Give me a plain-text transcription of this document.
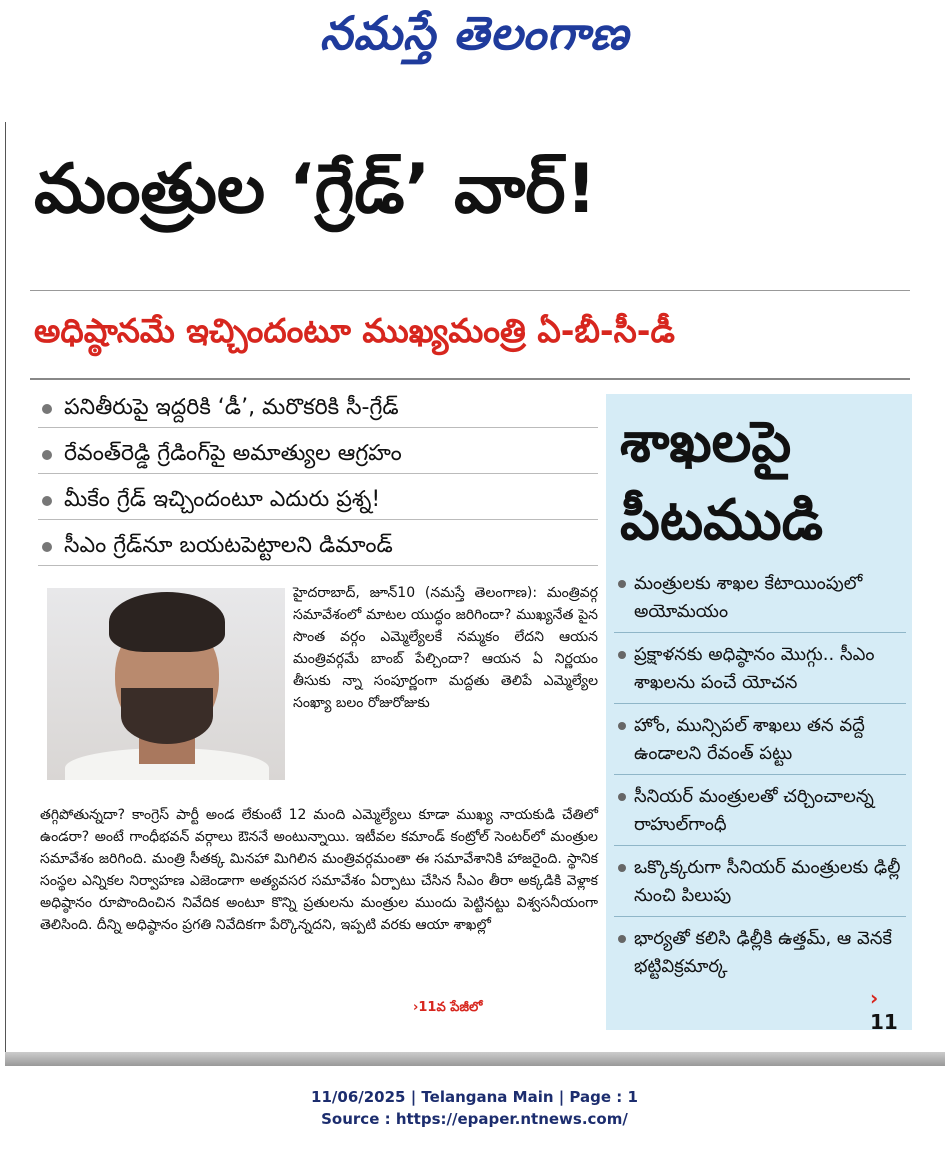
నమస్తే తెలంగాణ
మంత్రుల ‘గ్రేడ్’ వార్!
అధిష్ఠానమే ఇచ్చిందంటూ ముఖ్యమంత్రి ఏ-బీ-సీ-డీ
పనితీరుపై ఇద్దరికి ‘డీ’, మరొకరికి సీ-గ్రేడ్
రేవంత్‌రెడ్డి గ్రేడింగ్‌పై అమాత్యుల ఆగ్రహం
మీకేం గ్రేడ్ ఇచ్చిందంటూ ఎదురు ప్రశ్న!
సీఎం గ్రేడ్‌నూ బయటపెట్టాలని డిమాండ్

హైదరాబాద్, జూన్10 (నమస్తే తెలంగాణ): మంత్రివర్గ సమావేశంలో మాటల యుద్ధం జరిగిందా? ముఖ్యనేత పైన సొంత వర్గం ఎమ్మెల్యేలకే నమ్మకం లేదని ఆయన మంత్రివర్గమే బాంబ్ పేల్చిందా? ఆయన ఏ నిర్ణయం తీసుకు న్నా సంపూర్ణంగా మద్దతు తెలిపే ఎమ్మెల్యేల సంఖ్యా బలం రోజురోజుకు

తగ్గిపోతున్నదా? కాంగ్రెస్ పార్టీ అండ లేకుంటే 12 మంది ఎమ్మెల్యేలు కూడా ముఖ్య నాయకుడి చేతిలో ఉండరా? అంటే గాంధీభవన్ వర్గాలు ఔననే అంటున్నాయి. ఇటీవల కమాండ్ కంట్రోల్ సెంటర్‌లో మంత్రుల సమావేశం జరిగింది. మంత్రి సీతక్క మినహా మిగిలిన మంత్రివర్గమంతా ఈ సమావేశానికి హాజరైంది. స్థానిక సంస్థల ఎన్నికల నిర్వాహణ ఎజెండాగా అత్యవసర సమావేశం ఏర్పాటు చేసిన సీఎం తీరా అక్కడికి వెళ్లాక అధిష్ఠానం రూపొందించిన నివేదిక అంటూ కొన్ని ప్రతులను మంత్రుల ముందు పెట్టినట్టు విశ్వసనీయంగా తెలిసింది. దీన్ని అధిష్ఠానం ప్రగతి నివేదికగా పేర్కొన్నదని, ఇప్పటి వరకు ఆయా శాఖల్లో

›11వ పేజీలో
శాఖలపై పీటముడి
మంత్రులకు శాఖల కేటాయింపులో అయోమయం
ప్రక్షాళనకు అధిష్ఠానం మొగ్గు.. సీఎం శాఖలను పంచే యోచన
హోం, మున్సిపల్ శాఖలు తన వద్దే ఉండాలని రేవంత్ పట్టు
సీనియర్ మంత్రులతో చర్చించాలన్న రాహుల్‌గాంధీ
ఒక్కొక్కరుగా సీనియర్ మంత్రులకు ఢిల్లీ నుంచి పిలుపు
భార్యతో కలిసి ఢిల్లీకి ఉత్తమ్, ఆ వెనకే భట్టివిక్రమార్క
› 11
11/06/2025 | Telangana Main | Page : 1
Source : https://epaper.ntnews.com/
